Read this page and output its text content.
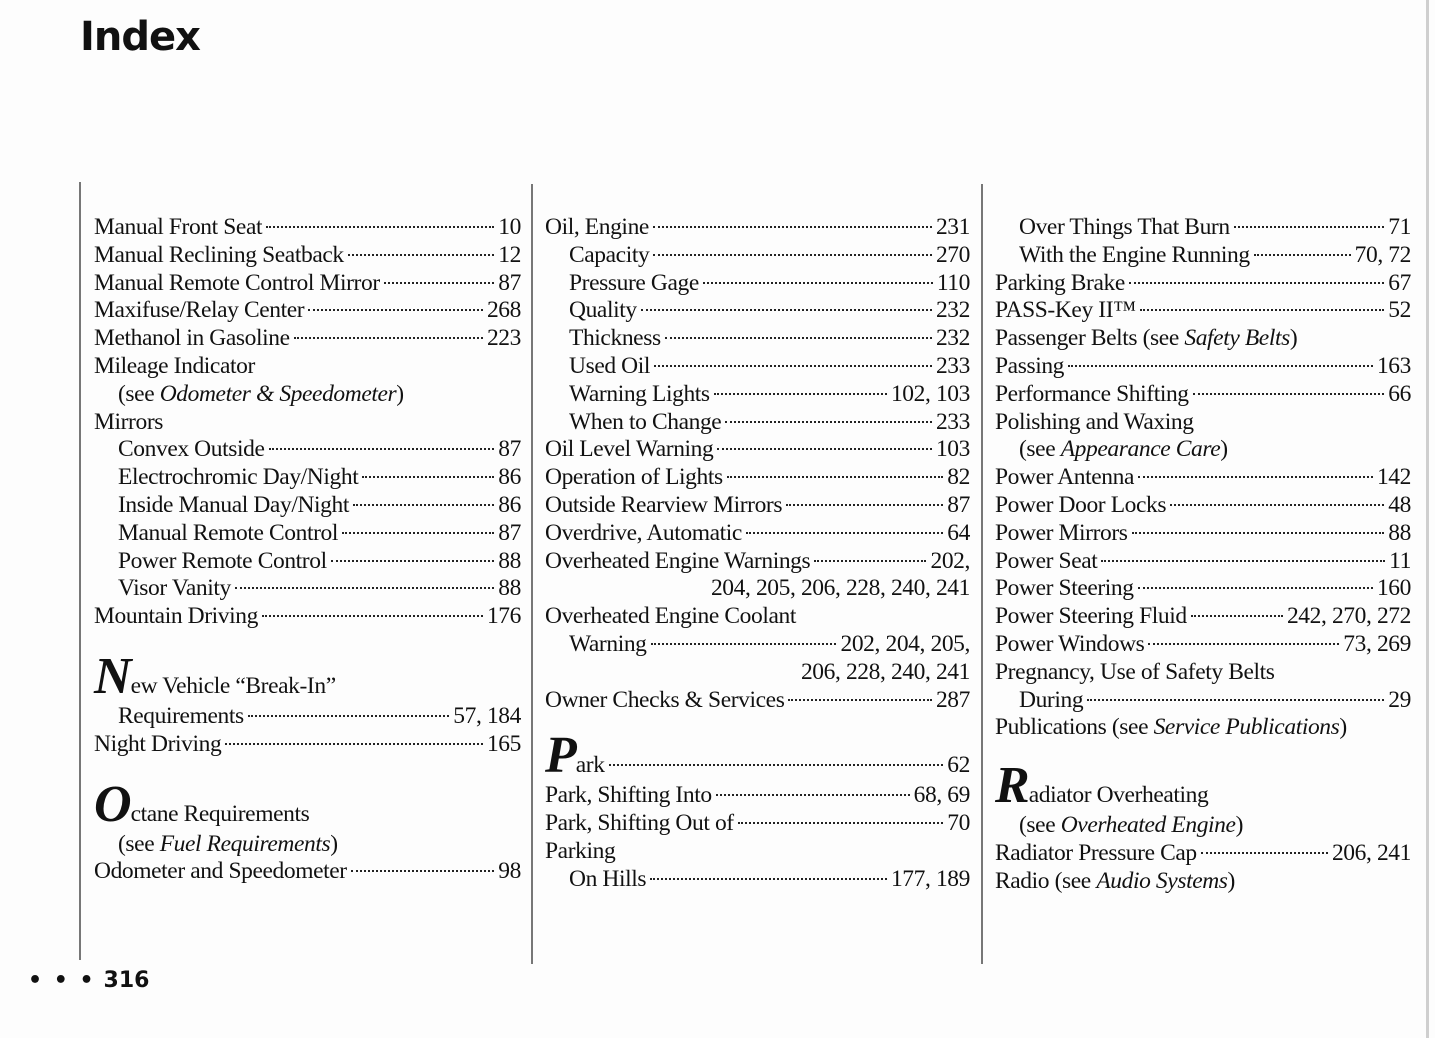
Index
Manual Front Seat	10
Manual Reclining Seatback	12
Manual Remote Control Mirror	87
Maxifuse/Relay Center	268
Methanol in Gasoline	223
Mileage Indicator
(see Odometer & Speedometer )
Mirrors
Convex Outside	87
Electrochromic Day/Night	86
Inside Manual Day/Night	86
Manual Remote Control	87
Power Remote Control	88
Visor Vanity	88
Mountain Driving	176
N ew Vehicle “Break-In”
Requirements	57, 184
Night Driving	165
O ctane Requirements
(see Fuel Requirements )
Odometer and Speedometer	98
Oil, Engine	231
Capacity	270
Pressure Gage	110
Quality	232
Thickness	232
Used Oil	233
Warning Lights	102, 103
When to Change	233
Oil Level Warning	103
Operation of Lights	82
Outside Rearview Mirrors	87
Overdrive, Automatic	64
Overheated Engine Warnings	202,
204, 205, 206, 228, 240, 241
Overheated Engine Coolant
Warning	202, 204, 205,
206, 228, 240, 241
Owner Checks & Services	287
P ark	62
Park, Shifting Into	68, 69
Park, Shifting Out of	70
Parking
On Hills	177, 189
Over Things That Burn	71
With the Engine Running	70, 72
Parking Brake	67
PASS-Key II™	52
Passenger Belts (see Safety Belts )
Passing	163
Performance Shifting	66
Polishing and Waxing
(see Appearance Care )
Power Antenna	142
Power Door Locks	48
Power Mirrors	88
Power Seat	11
Power Steering	160
Power Steering Fluid	242, 270, 272
Power Windows	73, 269
Pregnancy, Use of Safety Belts
During	29
Publications (see Service Publications )
R adiator Overheating
(see Overheated Engine )
Radiator Pressure Cap	206, 241
Radio (see Audio Systems )
• • • 316
